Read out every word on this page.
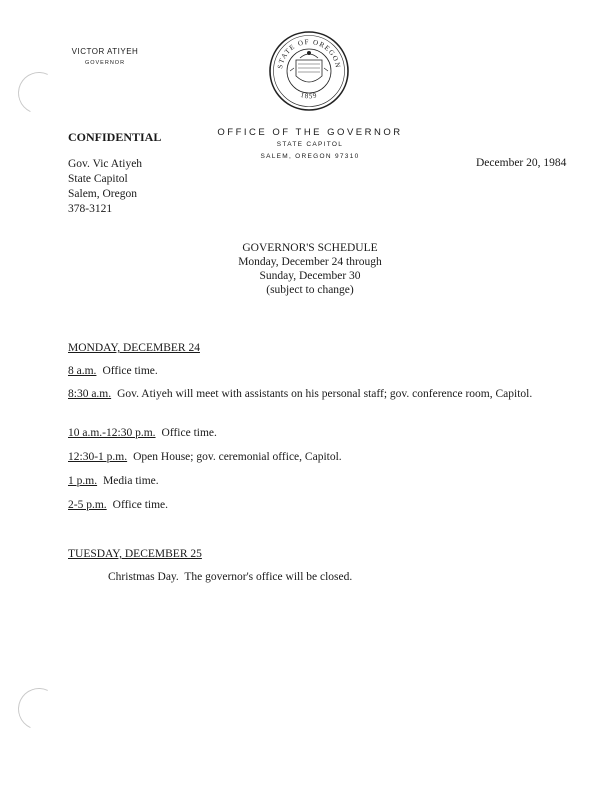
VICTOR ATIYEH
GOVERNOR	STATE OF OREGON
1859
OFFICE OF THE GOVERNOR
STATE CAPITOL
SALEM, OREGON 97310
CONFIDENTIAL
Gov. Vic Atiyeh
State Capitol
Salem, Oregon
378-3121
December 20, 1984
GOVERNOR'S SCHEDULE
Monday, December 24 through
Sunday, December 30
(subject to change)
MONDAY, DECEMBER 24
8 a.m. Office time.
8:30 a.m. Gov. Atiyeh will meet with assistants on his personal staff; gov. conference room, Capitol.
10 a.m.-12:30 p.m. Office time.
12:30-1 p.m. Open House; gov. ceremonial office, Capitol.
1 p.m. Media time.
2-5 p.m. Office time.
TUESDAY, DECEMBER 25
Christmas Day.  The governor's office will be closed.
